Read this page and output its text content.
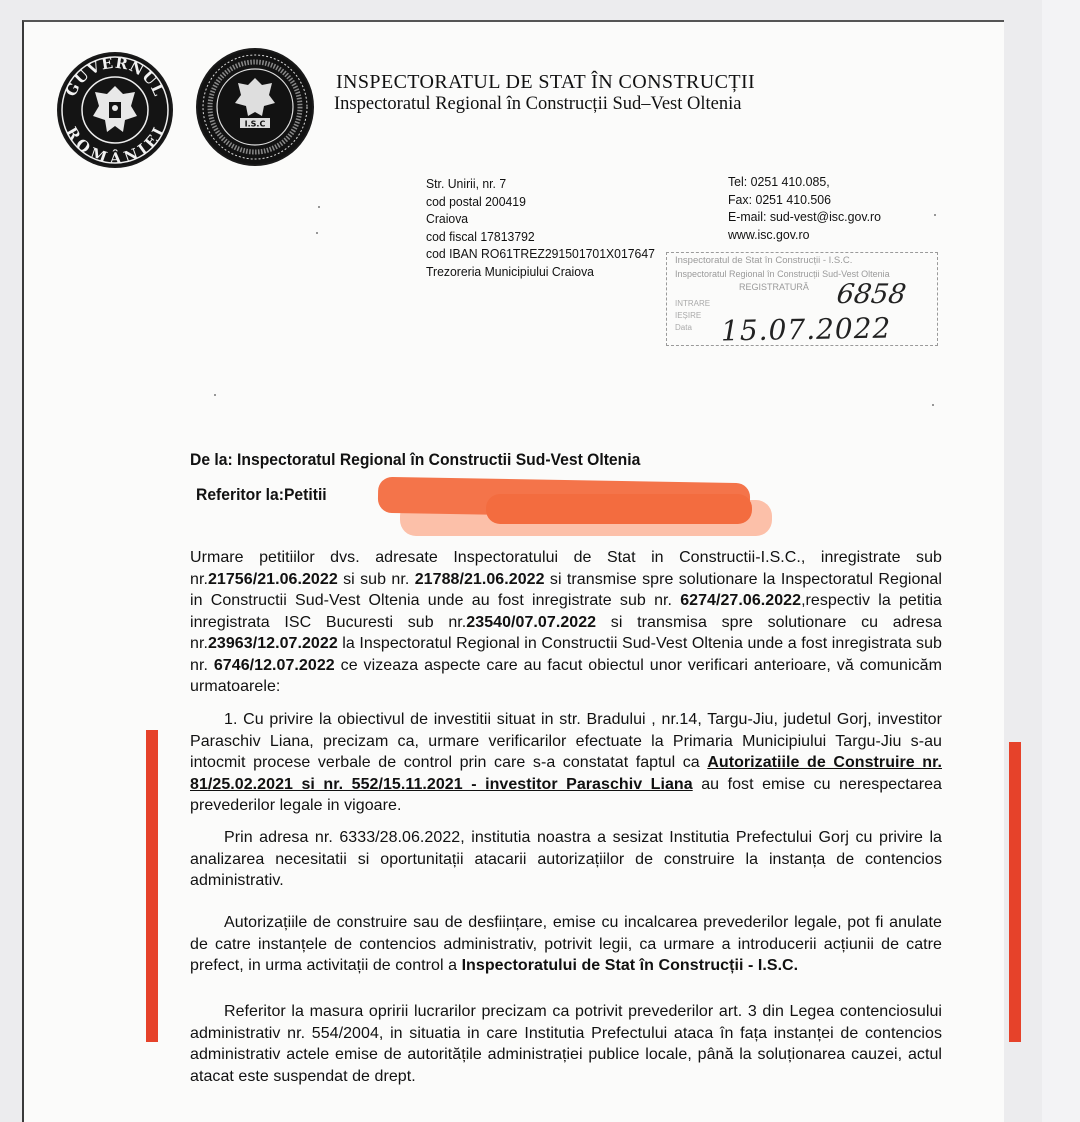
GUVERNUL
ROMÂNIEI	I.S.C
INSPECTORATUL DE STAT ÎN CONSTRUCȚII
Inspectoratul Regional în Construcții Sud–Vest Oltenia
Str. Unirii, nr. 7
cod postal 200419
Craiova
cod fiscal 17813792
cod IBAN RO61TREZ291501701X017647
Trezoreria Municipiului Craiova
Tel: 0251 410.085,
Fax: 0251 410.506
E-mail: sud-vest@isc.gov.ro
www.isc.gov.ro
Inspectoratul de Stat în Construcții - I.S.C.
Inspectoratul Regional în Construcții Sud-Vest Oltenia
REGISTRATURĂ
INTRARE
IEȘIRE
Data
6858
15.07.2022
De la: Inspectoratul Regional în Constructii Sud-Vest Oltenia
Referitor la:Petitii
Urmare petitiilor dvs. adresate Inspectoratului de Stat in Constructii-I.S.C., inregistrate sub nr.21756/21.06.2022 si sub nr. 21788/21.06.2022 si transmise spre solutionare la Inspectoratul Regional in Constructii Sud-Vest Oltenia unde au fost inregistrate sub nr. 6274/27.06.2022,respectiv la petitia inregistrata ISC Bucuresti sub nr.23540/07.07.2022 si transmisa spre solutionare cu adresa nr.23963/12.07.2022 la Inspectoratul Regional in Constructii Sud-Vest Oltenia unde a fost inregistrata sub nr. 6746/12.07.2022 ce vizeaza aspecte care au facut obiectul unor verificari anterioare, vă comunicăm urmatoarele:
1. Cu privire la obiectivul de investitii situat in str. Bradului , nr.14, Targu-Jiu, judetul Gorj, investitor Paraschiv Liana, precizam ca, urmare verificarilor efectuate la Primaria Municipiului Targu-Jiu s-au intocmit procese verbale de control prin care s-a constatat faptul ca Autorizatiile de Construire nr. 81/25.02.2021 si nr. 552/15.11.2021 - investitor Paraschiv Liana au fost emise cu nerespectarea prevederilor legale in vigoare.
Prin adresa nr. 6333/28.06.2022, institutia noastra a sesizat Institutia Prefectului Gorj cu privire la analizarea necesitatii si oportunitații atacarii autorizațiilor de construire la instanța de contencios administrativ.
Autorizațiile de construire sau de desființare, emise cu incalcarea prevederilor legale, pot fi anulate de catre instanțele de contencios administrativ, potrivit legii, ca urmare a introducerii acțiunii de catre prefect, in urma activitații de control a Inspectoratului de Stat în Construcții - I.S.C.
Referitor la masura opririi lucrarilor precizam ca potrivit prevederilor art. 3 din Legea contenciosului administrativ nr. 554/2004, in situatia in care Institutia Prefectului ataca în fața instanței de contencios administrativ actele emise de autoritățile administrației publice locale, până la soluționarea cauzei, actul atacat este suspendat de drept.
